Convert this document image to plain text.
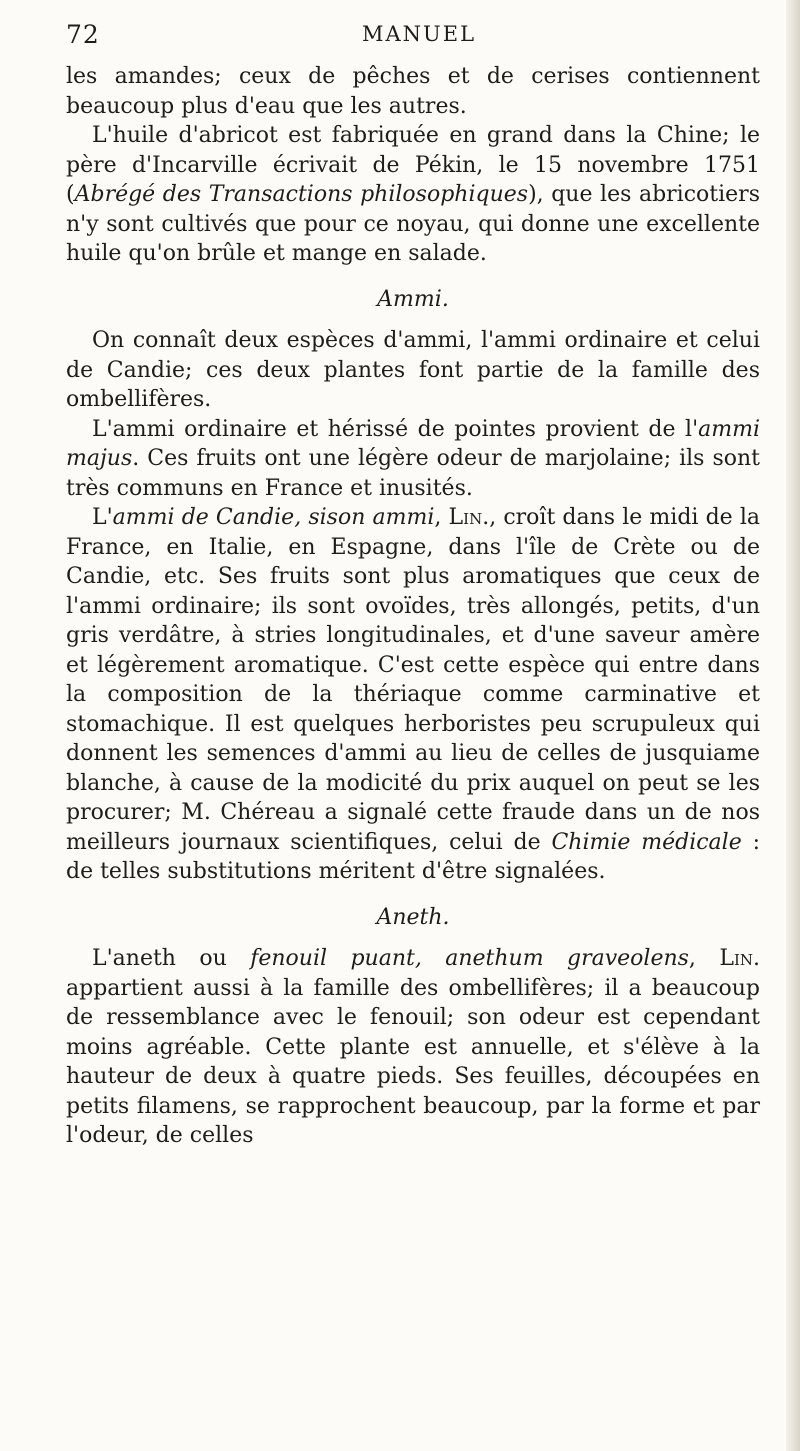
72	MANUEL

les amandes; ceux de pêches et de cerises contiennent beaucoup plus d'eau que les autres.

L'huile d'abricot est fabriquée en grand dans la Chine; le père d'Incarville écrivait de Pékin, le 15 novembre 1751 (Abrégé des Transactions philosophiques), que les abricotiers n'y sont cultivés que pour ce noyau, qui donne une excellente huile qu'on brûle et mange en salade.

Ammi.

On connaît deux espèces d'ammi, l'ammi ordinaire et celui de Candie; ces deux plantes font partie de la famille des ombellifères.

L'ammi ordinaire et hérissé de pointes provient de l'ammi majus. Ces fruits ont une légère odeur de marjolaine; ils sont très communs en France et inusités.

L'ammi de Candie, sison ammi, Lin., croît dans le midi de la France, en Italie, en Espagne, dans l'île de Crète ou de Candie, etc. Ses fruits sont plus aromatiques que ceux de l'ammi ordinaire; ils sont ovoïdes, très allongés, petits, d'un gris verdâtre, à stries longitudinales, et d'une saveur amère et légèrement aromatique. C'est cette espèce qui entre dans la composition de la thériaque comme carminative et stomachique. Il est quelques herboristes peu scrupuleux qui donnent les semences d'ammi au lieu de celles de jusquiame blanche, à cause de la modicité du prix auquel on peut se les procurer; M. Chéreau a signalé cette fraude dans un de nos meilleurs journaux scientifiques, celui de Chimie médicale : de telles substitutions méritent d'être signalées.

Aneth.

L'aneth ou fenouil puant, anethum graveolens, Lin. appartient aussi à la famille des ombellifères; il a beaucoup de ressemblance avec le fenouil; son odeur est cependant moins agréable. Cette plante est annuelle, et s'élève à la hauteur de deux à quatre pieds. Ses feuilles, découpées en petits filamens, se rapprochent beaucoup, par la forme et par l'odeur, de celles
